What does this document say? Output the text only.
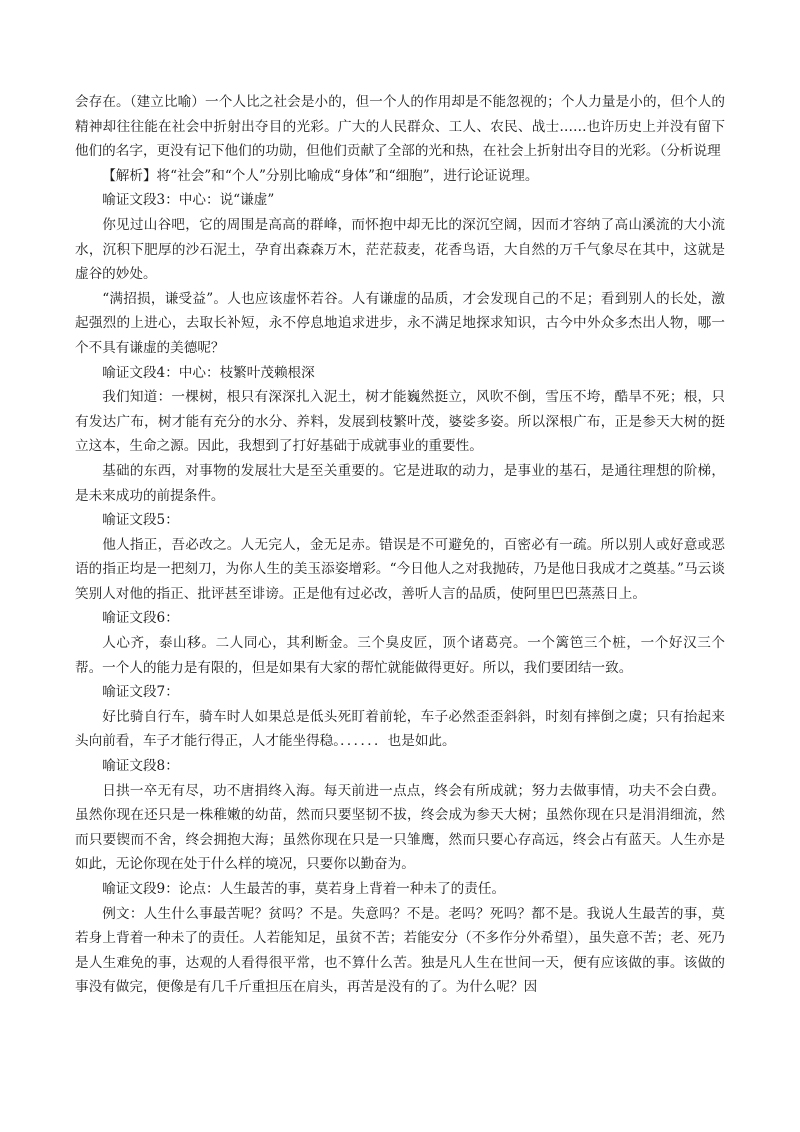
会存在。（建立比喻）一个人比之社会是小的，但一个人的作用却是不能忽视的；个人力量是小的，但个人的精神却往往能在社会中折射出夺目的光彩。广大的人民群众、工人、农民、战士……也许历史上并没有留下他们的名字，更没有记下他们的功勋，但他们贡献了全部的光和热，在社会上折射出夺目的光彩。（分析说理

【解析】将“社会”和“个人”分别比喻成“身体”和“细胞”，进行论证说理。

喻证文段3：中心：说“谦虚”

你见过山谷吧，它的周围是高高的群峰，而怀抱中却无比的深沉空阔，因而才容纳了高山溪流的大小流水，沉积下肥厚的沙石泥土，孕育出森森万木，茫茫菽麦，花香鸟语，大自然的万千气象尽在其中，这就是虚谷的妙处。

“满招损，谦受益”。人也应该虚怀若谷。人有谦虚的品质，才会发现自己的不足；看到别人的长处，激起强烈的上进心，去取长补短，永不停息地追求进步，永不满足地探求知识，古今中外众多杰出人物，哪一个不具有谦虚的美德呢？

喻证文段4：中心：枝繁叶茂赖根深

我们知道：一棵树，根只有深深扎入泥土，树才能巍然挺立，风吹不倒，雪压不垮，酷旱不死；根，只有发达广布，树才能有充分的水分、养料，发展到枝繁叶茂，婆娑多姿。所以深根广布，正是参天大树的挺立这本，生命之源。因此，我想到了打好基础于成就事业的重要性。

基础的东西，对事物的发展壮大是至关重要的。它是进取的动力，是事业的基石，是通往理想的阶梯，是未来成功的前提条件。

喻证文段5：

他人指正，吾必改之。人无完人，金无足赤。错误是不可避免的，百密必有一疏。所以别人或好意或恶语的指正均是一把刻刀，为你人生的美玉添姿增彩。“今日他人之对我抛砖，乃是他日我成才之奠基。”马云谈笑别人对他的指正、批评甚至诽谤。正是他有过必改，善听人言的品质，使阿里巴巴蒸蒸日上。

喻证文段6：

人心齐，泰山移。二人同心，其利断金。三个臭皮匠，顶个诸葛亮。一个篱笆三个桩，一个好汉三个帮。一个人的能力是有限的，但是如果有大家的帮忙就能做得更好。所以，我们要团结一致。

喻证文段7：

好比骑自行车，骑车时人如果总是低头死盯着前轮，车子必然歪歪斜斜，时刻有摔倒之虞；只有抬起来头向前看，车子才能行得正，人才能坐得稳。．．．．．．也是如此。

喻证文段8：

日拱一卒无有尽，功不唐捐终入海。每天前进一点点，终会有所成就；努力去做事情，功夫不会白费。虽然你现在还只是一株稚嫩的幼苗，然而只要坚韧不拔，终会成为参天大树；虽然你现在只是涓涓细流，然而只要锲而不舍，终会拥抱大海；虽然你现在只是一只雏鹰，然而只要心存高远，终会占有蓝天。人生亦是如此，无论你现在处于什么样的境况，只要你以勤奋为。

喻证文段9：论点：人生最苦的事，莫若身上背着一种未了的责任。

例文：人生什么事最苦呢？贫吗？不是。失意吗？不是。老吗？死吗？都不是。我说人生最苦的事，莫若身上背着一种未了的责任。人若能知足，虽贫不苦；若能安分（不多作分外希望），虽失意不苦；老、死乃是人生难免的事，达观的人看得很平常，也不算什么苦。独是凡人生在世间一天，便有应该做的事。该做的事没有做完，便像是有几千斤重担压在肩头，再苦是没有的了。为什么呢？因
